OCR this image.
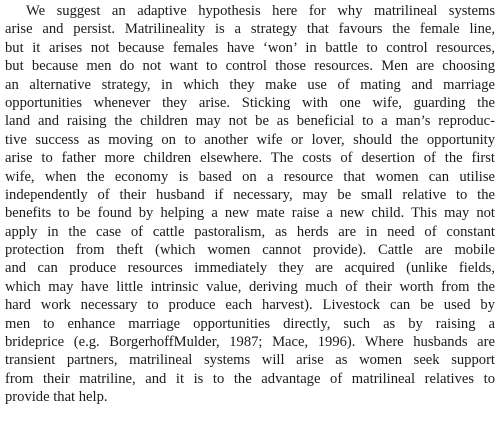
We suggest an adaptive hypothesis here for why matrilineal systems
arise and persist. Matrilineality is a strategy that favours the female line,
but it arises not because females have ‘won’ in battle to control resources,
but because men do not want to control those resources. Men are choosing
an alternative strategy, in which they make use of mating and marriage
opportunities whenever they arise. Sticking with one wife, guarding the
land and raising the children may not be as beneficial to a man’s reproduc-
tive success as moving on to another wife or lover, should the opportunity
arise to father more children elsewhere. The costs of desertion of the first
wife, when the economy is based on a resource that women can utilise
independently of their husband if necessary, may be small relative to the
benefits to be found by helping a new mate raise a new child. This may not
apply in the case of cattle pastoralism, as herds are in need of constant
protection from theft (which women cannot provide). Cattle are mobile
and can produce resources immediately they are acquired (unlike fields,
which may have little intrinsic value, deriving much of their worth from the
hard work necessary to produce each harvest). Livestock can be used by
men to enhance marriage opportunities directly, such as by raising a
brideprice (e.g. BorgerhoffMulder, 1987; Mace, 1996). Where husbands are
transient partners, matrilineal systems will arise as women seek support
from their matriline, and it is to the advantage of matrilineal relatives to
provide that help.
